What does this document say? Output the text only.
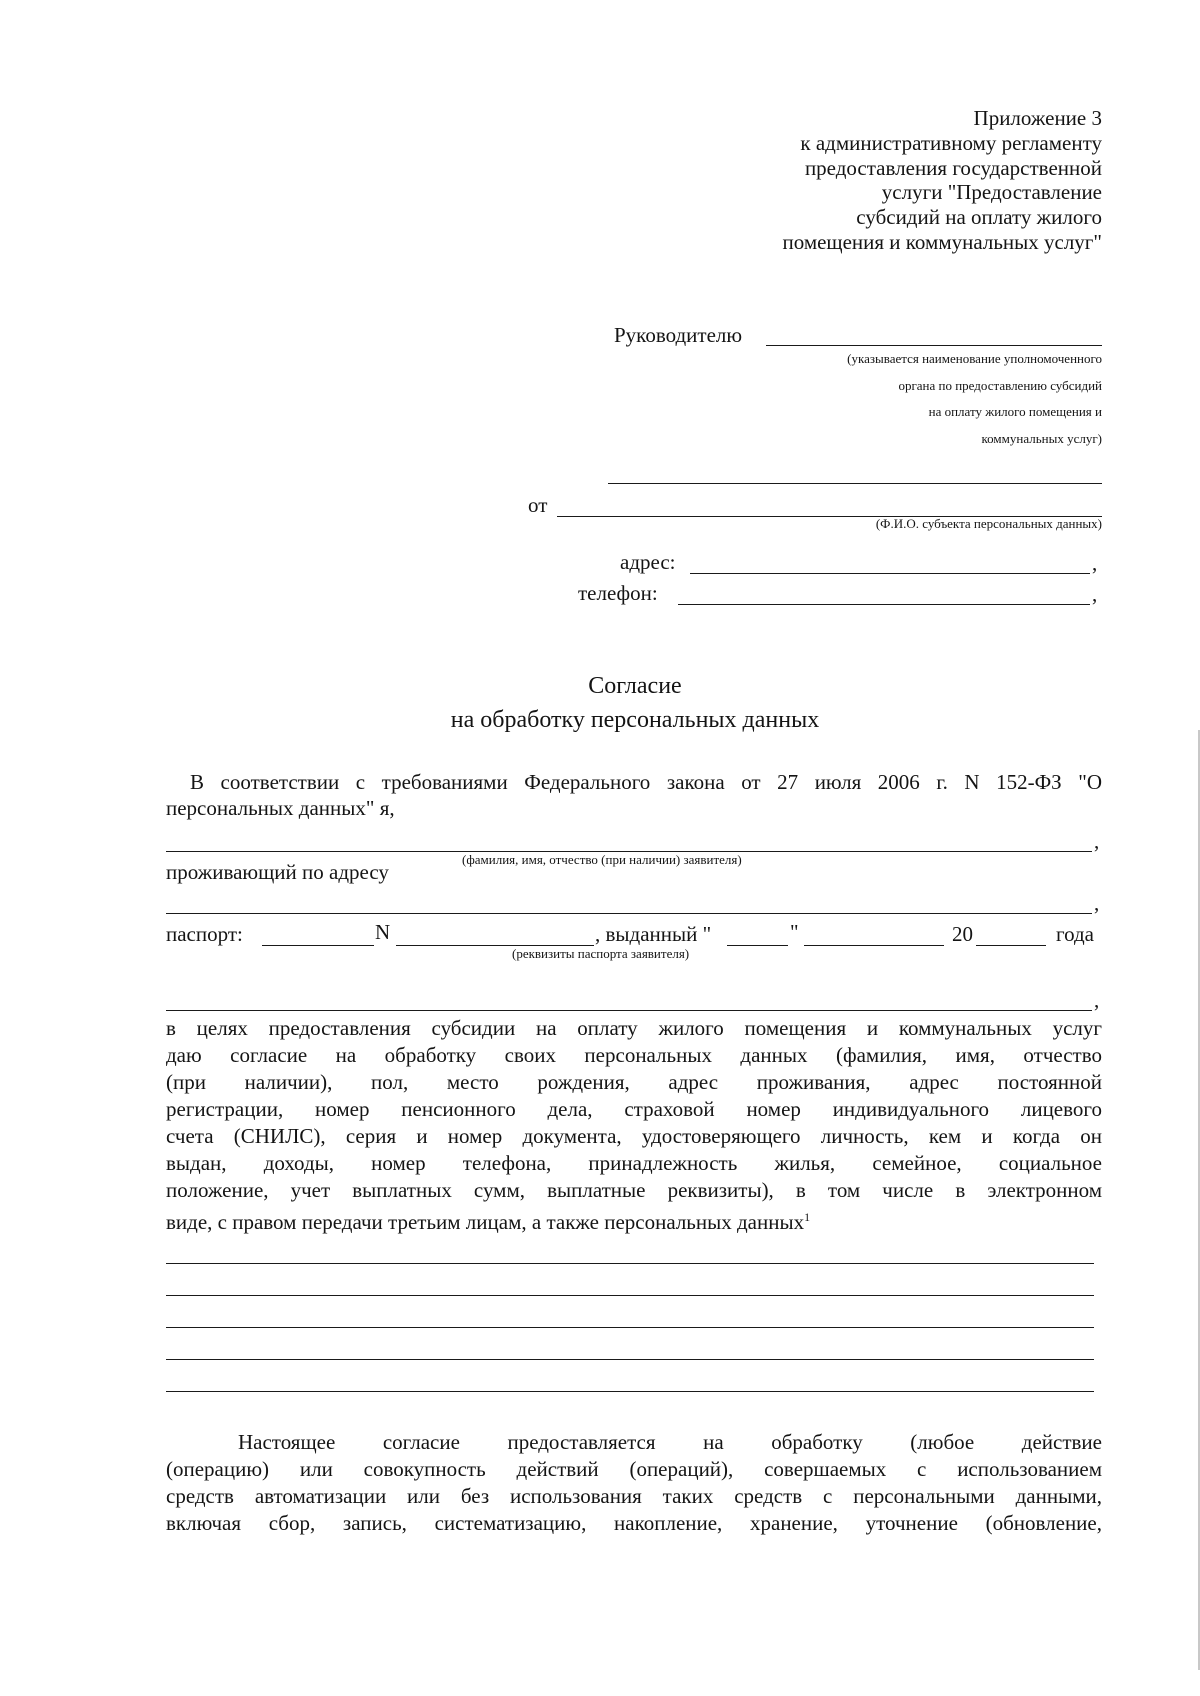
Приложение 3
к административному регламенту
предоставления государственной
услуги "Предоставление
субсидий на оплату жилого
помещения и коммунальных услуг"
Руководителю
(указывается наименование уполномоченного
органа по предоставлению субсидий
на оплату жилого помещения и
коммунальных услуг)
от
(Ф.И.О. субъекта персональных данных)
адрес:	,
телефон:	,
Согласие
на обработку персональных данных
В соответствии с требованиями Федерального закона от 27 июля 2006 г. N 152-ФЗ "О
персональных данных" я,
,
(фамилия, имя, отчество (при наличии) заявителя)
проживающий по адресу
,
паспорт:	N	, выданный "	"	20	года
(реквизиты паспорта заявителя)
,
в целях предоставления субсидии на оплату жилого помещения и коммунальных услуг
даю согласие на обработку своих персональных данных (фамилия, имя, отчество
(при наличии), пол, место рождения, адрес проживания, адрес постоянной
регистрации, номер пенсионного дела, страховой номер индивидуального лицевого
счета (СНИЛС), серия и номер документа, удостоверяющего личность, кем и когда он
выдан, доходы, номер телефона, принадлежность жилья, семейное, социальное
положение, учет выплатных сумм, выплатные реквизиты), в том числе в электронном
виде, с правом передачи третьим лицам, а также персональных данных$^1$
Настоящее согласие предоставляется на обработку (любое действие
(операцию) или совокупность действий (операций), совершаемых с использованием
средств автоматизации или без использования таких средств с персональными данными,
включая сбор, запись, систематизацию, накопление, хранение, уточнение (обновление,
